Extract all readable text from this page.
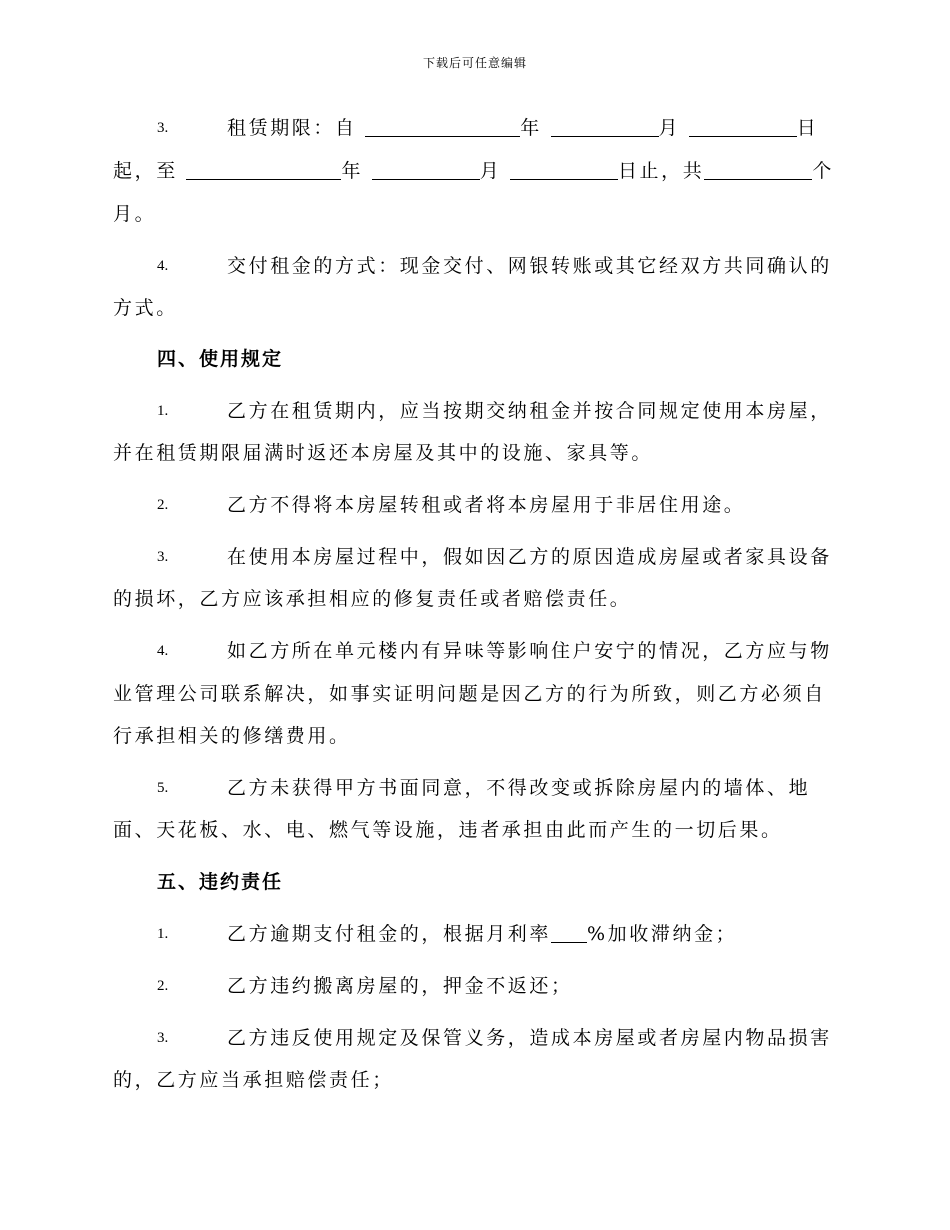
下载后可任意编辑
3.	租赁期限：自	年	月	日
起，至	年	月	日止，共	个
月。
4.	交付租金的方式：现金交付、网银转账或其它经双方共同确认的
方式。
四、使用规定
1.	乙方在租赁期内，应当按期交纳租金并按合同规定使用本房屋，
并在租赁期限届满时返还本房屋及其中的设施、家具等。
2.	乙方不得将本房屋转租或者将本房屋用于非居住用途。
3.	在使用本房屋过程中，假如因乙方的原因造成房屋或者家具设备
的损坏，乙方应该承担相应的修复责任或者赔偿责任。
4.	如乙方所在单元楼内有异味等影响住户安宁的情况，乙方应与物
业管理公司联系解决，如事实证明问题是因乙方的行为所致，则乙方必须自
行承担相关的修缮费用。
5.	乙方未获得甲方书面同意，不得改变或拆除房屋内的墙体、地
面、天花板、水、电、燃气等设施，违者承担由此而产生的一切后果。
五、违约责任
1.	乙方逾期支付租金的，根据月利率 %加收滞纳金；
2.	乙方违约搬离房屋的，押金不返还；
3.	乙方违反使用规定及保管义务，造成本房屋或者房屋内物品损害
的，乙方应当承担赔偿责任；
